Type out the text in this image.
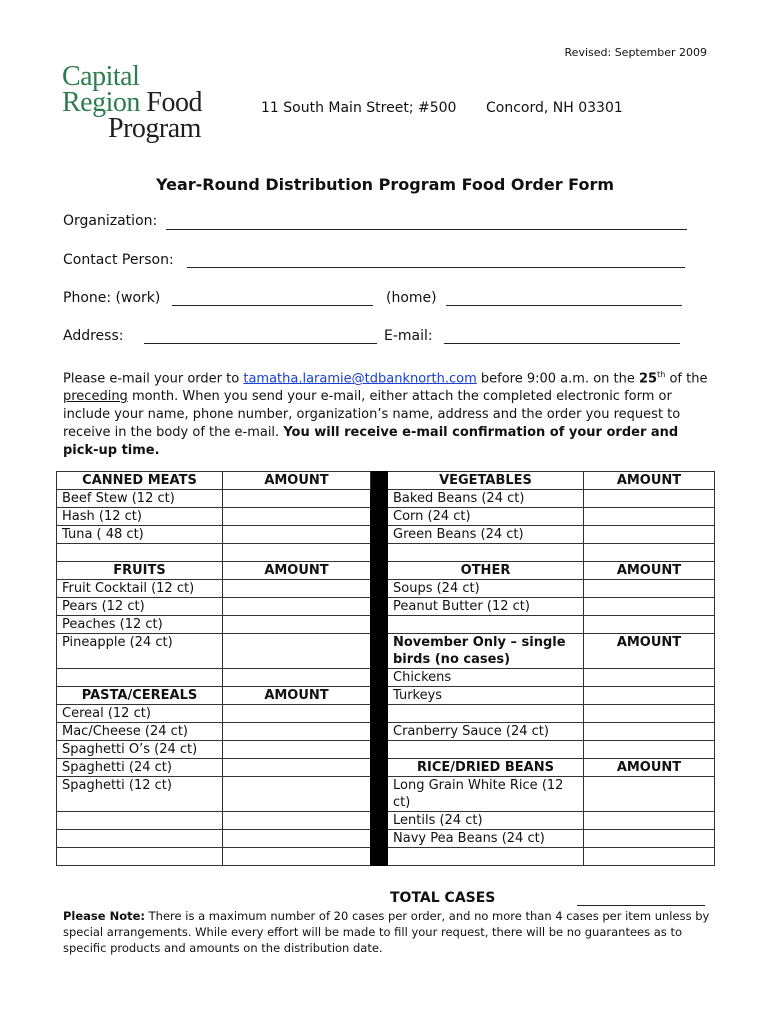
Revised: September 2009
Capital
Region Food
Program
11 South Main Street; #500 Concord, NH 03301
Year-Round Distribution Program Food Order Form
Organization:
Contact Person:
Phone: (work)	(home)
Address:	E-mail:
Please e-mail your order to tamatha.laramie@tdbanknorth.com before 9:00 a.m. on the 25th of the preceding month. When you send your e-mail, either attach the completed electronic form or include your name, phone number, organization’s name, address and the order you request to receive in the body of the e-mail. You will receive e-mail confirmation of your order and pick-up time.
CANNED MEATS	AMOUNT		VEGETABLES	AMOUNT
Beef Stew (12 ct)			Baked Beans (24 ct)	
Hash (12 ct)			Corn (24 ct)	
Tuna ( 48 ct)			Green Beans (24 ct)	

FRUITS	AMOUNT		OTHER	AMOUNT
Fruit Cocktail (12 ct)			Soups (24 ct)	
Pears (12 ct)			Peanut Butter (12 ct)	
Peaches (12 ct)				
Pineapple (24 ct)			November Only – single birds (no cases)	AMOUNT
			Chickens	
PASTA/CEREALS	AMOUNT		Turkeys	
Cereal (12 ct)				
Mac/Cheese (24 ct)			Cranberry Sauce (24 ct)	
Spaghetti O’s (24 ct)				
Spaghetti (24 ct)			RICE/DRIED BEANS	AMOUNT
Spaghetti (12 ct)			Long Grain White Rice (12 ct)	
			Lentils (24 ct)	
			Navy Pea Beans (24 ct)	

TOTAL CASES
Please Note: There is a maximum number of 20 cases per order, and no more than 4 cases per item unless by special arrangements. While every effort will be made to fill your request, there will be no guarantees as to specific products and amounts on the distribution date.
